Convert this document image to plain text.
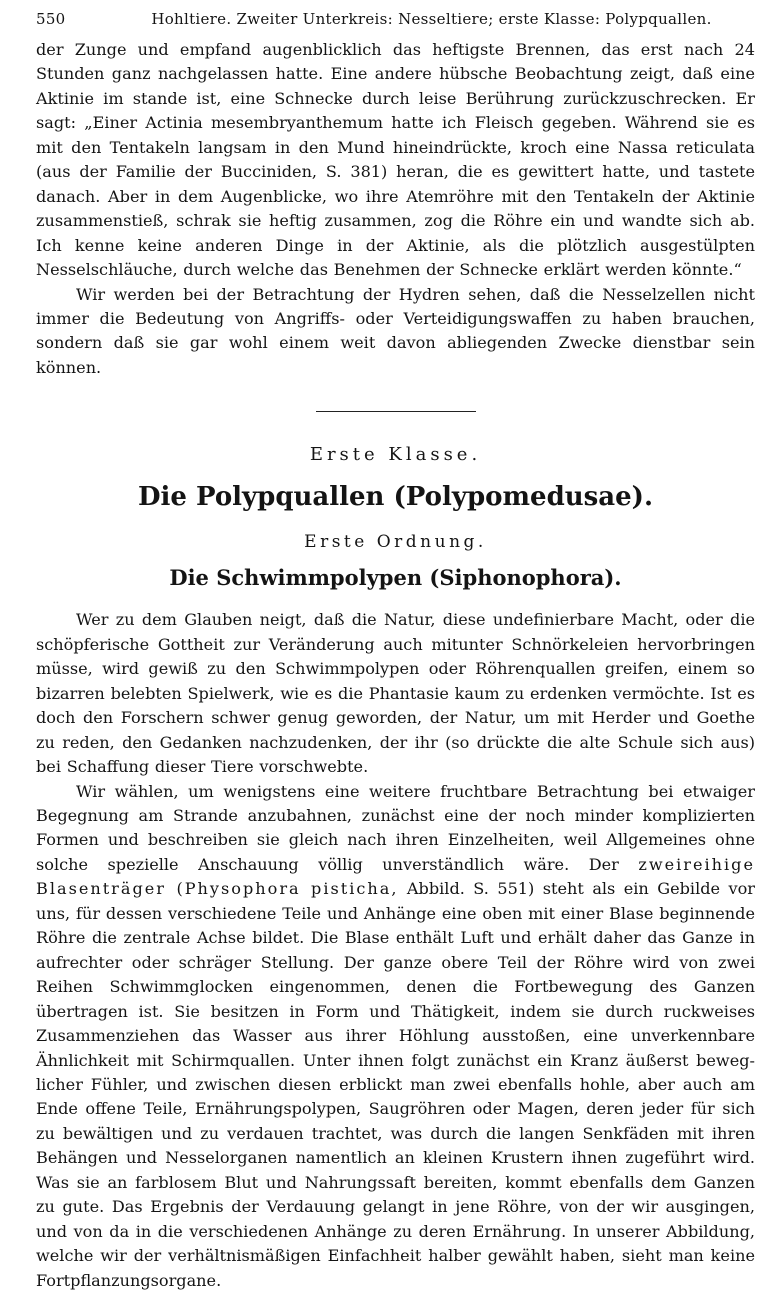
550	Hohltiere. Zweiter Unterkreis: Nesseltiere; erste Klasse: Polypquallen.

der Zunge und empfand augenblicklich das heftigste Brennen, das erst nach 24 Stunden ganz nachgelassen hatte. Eine andere hübsche Beobachtung zeigt, daß eine Aktinie im stande ist, eine Schnecke durch leise Berührung zurückzuschrecken. Er sagt: „Einer Actinia mesembryanthemum hatte ich Fleisch gegeben. Während sie es mit den Tentakeln langsam in den Mund hineindrückte, kroch eine Nassa reticulata (aus der Familie der Bucciniden, S. 381) heran, die es gewittert hatte, und tastete danach. Aber in dem Augenblicke, wo ihre Atemröhre mit den Tentakeln der Aktinie zusammenstieß, schrak sie heftig zusammen, zog die Röhre ein und wandte sich ab. Ich kenne keine anderen Dinge in der Aktinie, als die plötzlich ausgestülpten Nesselschläuche, durch welche das Benehmen der Schnecke erklärt werden könnte.“

Wir werden bei der Betrachtung der Hydren sehen, daß die Nesselzellen nicht immer die Bedeutung von Angriffs- oder Verteidigungswaffen zu haben brauchen, sondern daß sie gar wohl einem weit davon abliegenden Zwecke dienstbar sein können.

Erste Klasse.
Die Polypquallen (Polypomedusae).
Erste Ordnung.
Die Schwimmpolypen (Siphonophora).

Wer zu dem Glauben neigt, daß die Natur, diese undefinierbare Macht, oder die schöpferische Gottheit zur Veränderung auch mitunter Schnörkeleien hervorbringen müsse, wird gewiß zu den Schwimmpolypen oder Röhrenquallen greifen, einem so bizarren belebten Spielwerk, wie es die Phantasie kaum zu erdenken vermöchte. Ist es doch den Forschern schwer genug geworden, der Natur, um mit Herder und Goethe zu reden, den Gedanken nachzudenken, der ihr (so drückte die alte Schule sich aus) bei Schaffung dieser Tiere vorschwebte.

Wir wählen, um wenigstens eine weitere fruchtbare Betrachtung bei etwaiger Begegnung am Strande anzubahnen, zunächst eine der noch minder komplizierten Formen und beschreiben sie gleich nach ihren Einzelheiten, weil Allgemeines ohne solche spezielle Anschauung völlig unverständlich wäre. Der zweireihige Blasenträger (Physophora pisticha, Abbild. S. 551) steht als ein Gebilde vor uns, für dessen verschiedene Teile und Anhänge eine oben mit einer Blase beginnende Röhre die zentrale Achse bildet. Die Blase enthält Luft und erhält daher das Ganze in aufrechter oder schräger Stellung. Der ganze obere Teil der Röhre wird von zwei Reihen Schwimmglocken eingenommen, denen die Fortbewegung des Ganzen übertragen ist. Sie besitzen in Form und Thätigkeit, indem sie durch ruckweises Zusammenziehen das Wasser aus ihrer Höhlung ausstoßen, eine unverkennbare Ähnlichkeit mit Schirmquallen. Unter ihnen folgt zunächst ein Kranz äußerst beweglicher Fühler, und zwischen diesen erblickt man zwei ebenfalls hohle, aber auch am Ende offene Teile, Ernährungspolypen, Saugröhren oder Magen, deren jeder für sich zu bewältigen und zu verdauen trachtet, was durch die langen Senkfäden mit ihren Behängen und Nesselorganen namentlich an kleinen Krustern ihnen zugeführt wird. Was sie an farblosem Blut und Nahrungssaft bereiten, kommt ebenfalls dem Ganzen zu gute. Das Ergebnis der Verdauung gelangt in jene Röhre, von der wir ausgingen, und von da in die verschiedenen Anhänge zu deren Ernährung. In unserer Abbildung, welche wir der verhältnismäßigen Einfachheit halber gewählt haben, sieht man keine Fortpflanzungsorgane.
